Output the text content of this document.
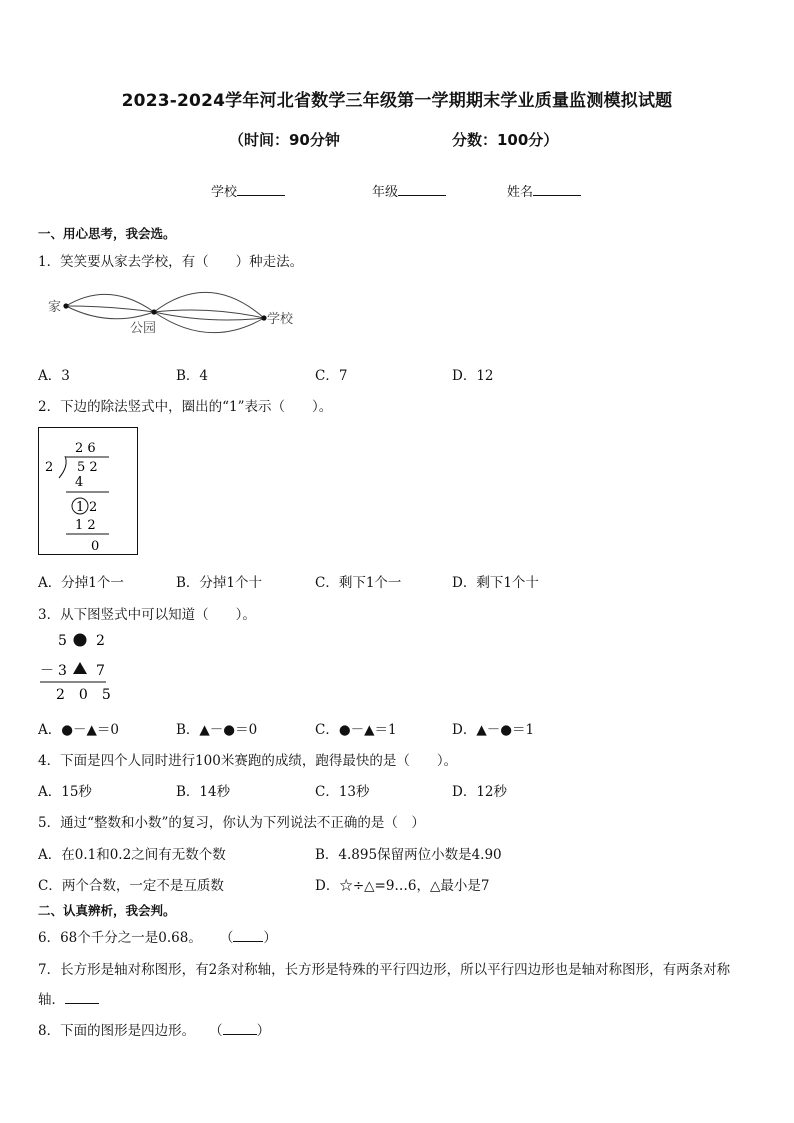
2023-2024学年河北省数学三年级第一学期期末学业质量监测模拟试题
（时间：90分钟	分数：100分）
学校	年级	姓名
一、用心思考，我会选。
1．笑笑要从家去学校，有（　　）种走法。
家
公园
学校
A．3	B．4	C．7	D．12
2．下边的除法竖式中，圈出的“1”表示（　　）。
2 6
2 5 2
4
1 2
1 2
0
A．分掉1个一	B．分掉1个十	C．剩下1个一	D．剩下1个十
3．从下图竖式中可以知道（　　）。
5 2
－ 3 7
2　0　5
A．●－▲＝0	B．▲－●＝0	C．●－▲＝1	D．▲－●＝1
4．下面是四个人同时进行100米赛跑的成绩，跑得最快的是（　　）。
A．15秒	B．14秒	C．13秒	D．12秒
5．通过“整数和小数”的复习，你认为下列说法不正确的是（　）
A．在0.1和0.2之间有无数个数	B．4.895保留两位小数是4.90
C．两个合数，一定不是互质数	D．☆÷△=9…6，△最小是7
二、认真辨析，我会判。
6．68个千分之一是0.68。 （ ）
7．长方形是轴对称图形，有2条对称轴，长方形是特殊的平行四边形，所以平行四边形也是轴对称图形，有两条对称
轴．
8．下面的图形是四边形。 （	）
